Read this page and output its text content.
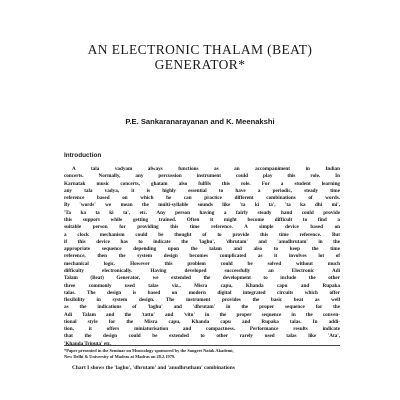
AN ELECTRONIC THALAM (BEAT)
GENERATOR*
P.E. Sankaranarayanan and K. Meenakshi
Introduction
A tala vadyam always functions as an accompaniment in Indian
concerts. Normally, any percussion instrument could play this role. In
Karnatak music concerts, ghatam also fulfils this role. For a student learning
any tala vadya, it is highly essential to have a periodic, steady time
reference based on which he can practice different combinations of words.
By 'words' we mean the multi-syllable sounds like 'ta ki ta', 'ta ka dhi mi',
'Ta ka ta ki ta', etc. Any person having a fairly steady hand could provide
this support while getting trained. Often it might become difficult to find a
suitable person for providing this time reference. A simple device based on
a clock mechanism could be thought of to provide this time reference. But
if this device has to indicate the 'laghu', 'dhrutam' and 'anudhrutam' in the
appropriate sequence depending upon the talam and also to keep the time
reference, then the system design becomes complicated as it involves lot of
mechanical logic. However this problem could be solved without much
difficulty electronically. Having developed successfully an Electronic Adi
Talam (Beat) Generator, we extended the development to include the other
three commonly used talas viz., Misra capu, Khanda capu and Rupaka
talas. The design is based on modern digital integrated circuits which offer
flexibility in system design. The instrument provides the basic beat as well
as the indications of 'laghu' and 'dhrutam' in the proper sequence for the
Adi Talam and the 'tattu' and 'vitu' in the proper sequence in the conven-
tional style for the Misra capu, Khanda capu and Rupaka talas. In addi-
tion, it offers miniaturisation and compactness. Performance results indicate
that the design could be extended to other rarely used talas like 'Ata',
'Khanda Triputa' etc.
Chart I shows the 'laghu', 'dhrutam' and 'anudhrutham' combinations
*Paper presented in the Seminar on Musicology sponsored by the Sangeet Natak Akademi,
New Delhi & University of Madras at Madras on 28.2.1979.
